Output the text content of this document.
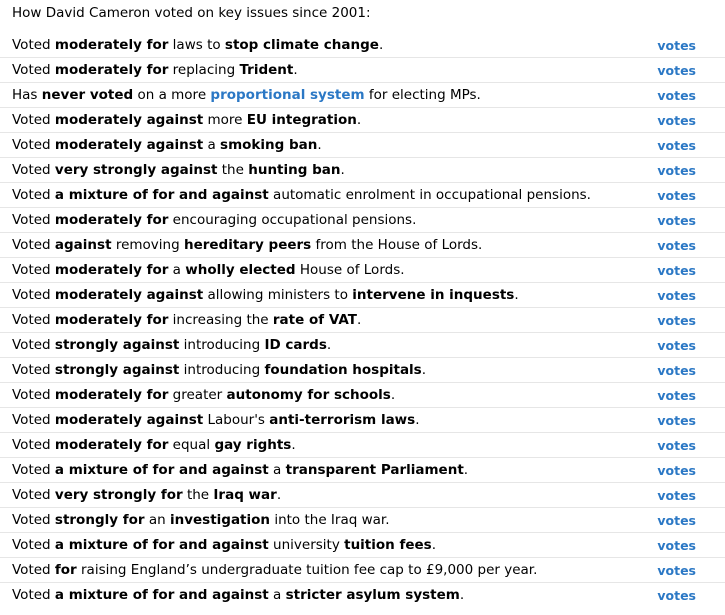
How David Cameron voted on key issues since 2001:
Voted moderately for laws to stop climate change.	votes
Voted moderately for replacing Trident.	votes
Has never voted on a more proportional system for electing MPs.	votes
Voted moderately against more EU integration.	votes
Voted moderately against a smoking ban.	votes
Voted very strongly against the hunting ban.	votes
Voted a mixture of for and against automatic enrolment in occupational pensions.	votes
Voted moderately for encouraging occupational pensions.	votes
Voted against removing hereditary peers from the House of Lords.	votes
Voted moderately for a wholly elected House of Lords.	votes
Voted moderately against allowing ministers to intervene in inquests.	votes
Voted moderately for increasing the rate of VAT.	votes
Voted strongly against introducing ID cards.	votes
Voted strongly against introducing foundation hospitals.	votes
Voted moderately for greater autonomy for schools.	votes
Voted moderately against Labour's anti-terrorism laws.	votes
Voted moderately for equal gay rights.	votes
Voted a mixture of for and against a transparent Parliament.	votes
Voted very strongly for the Iraq war.	votes
Voted strongly for an investigation into the Iraq war.	votes
Voted a mixture of for and against university tuition fees.	votes
Voted for raising England’s undergraduate tuition fee cap to £9,000 per year.	votes
Voted a mixture of for and against a stricter asylum system.	votes
